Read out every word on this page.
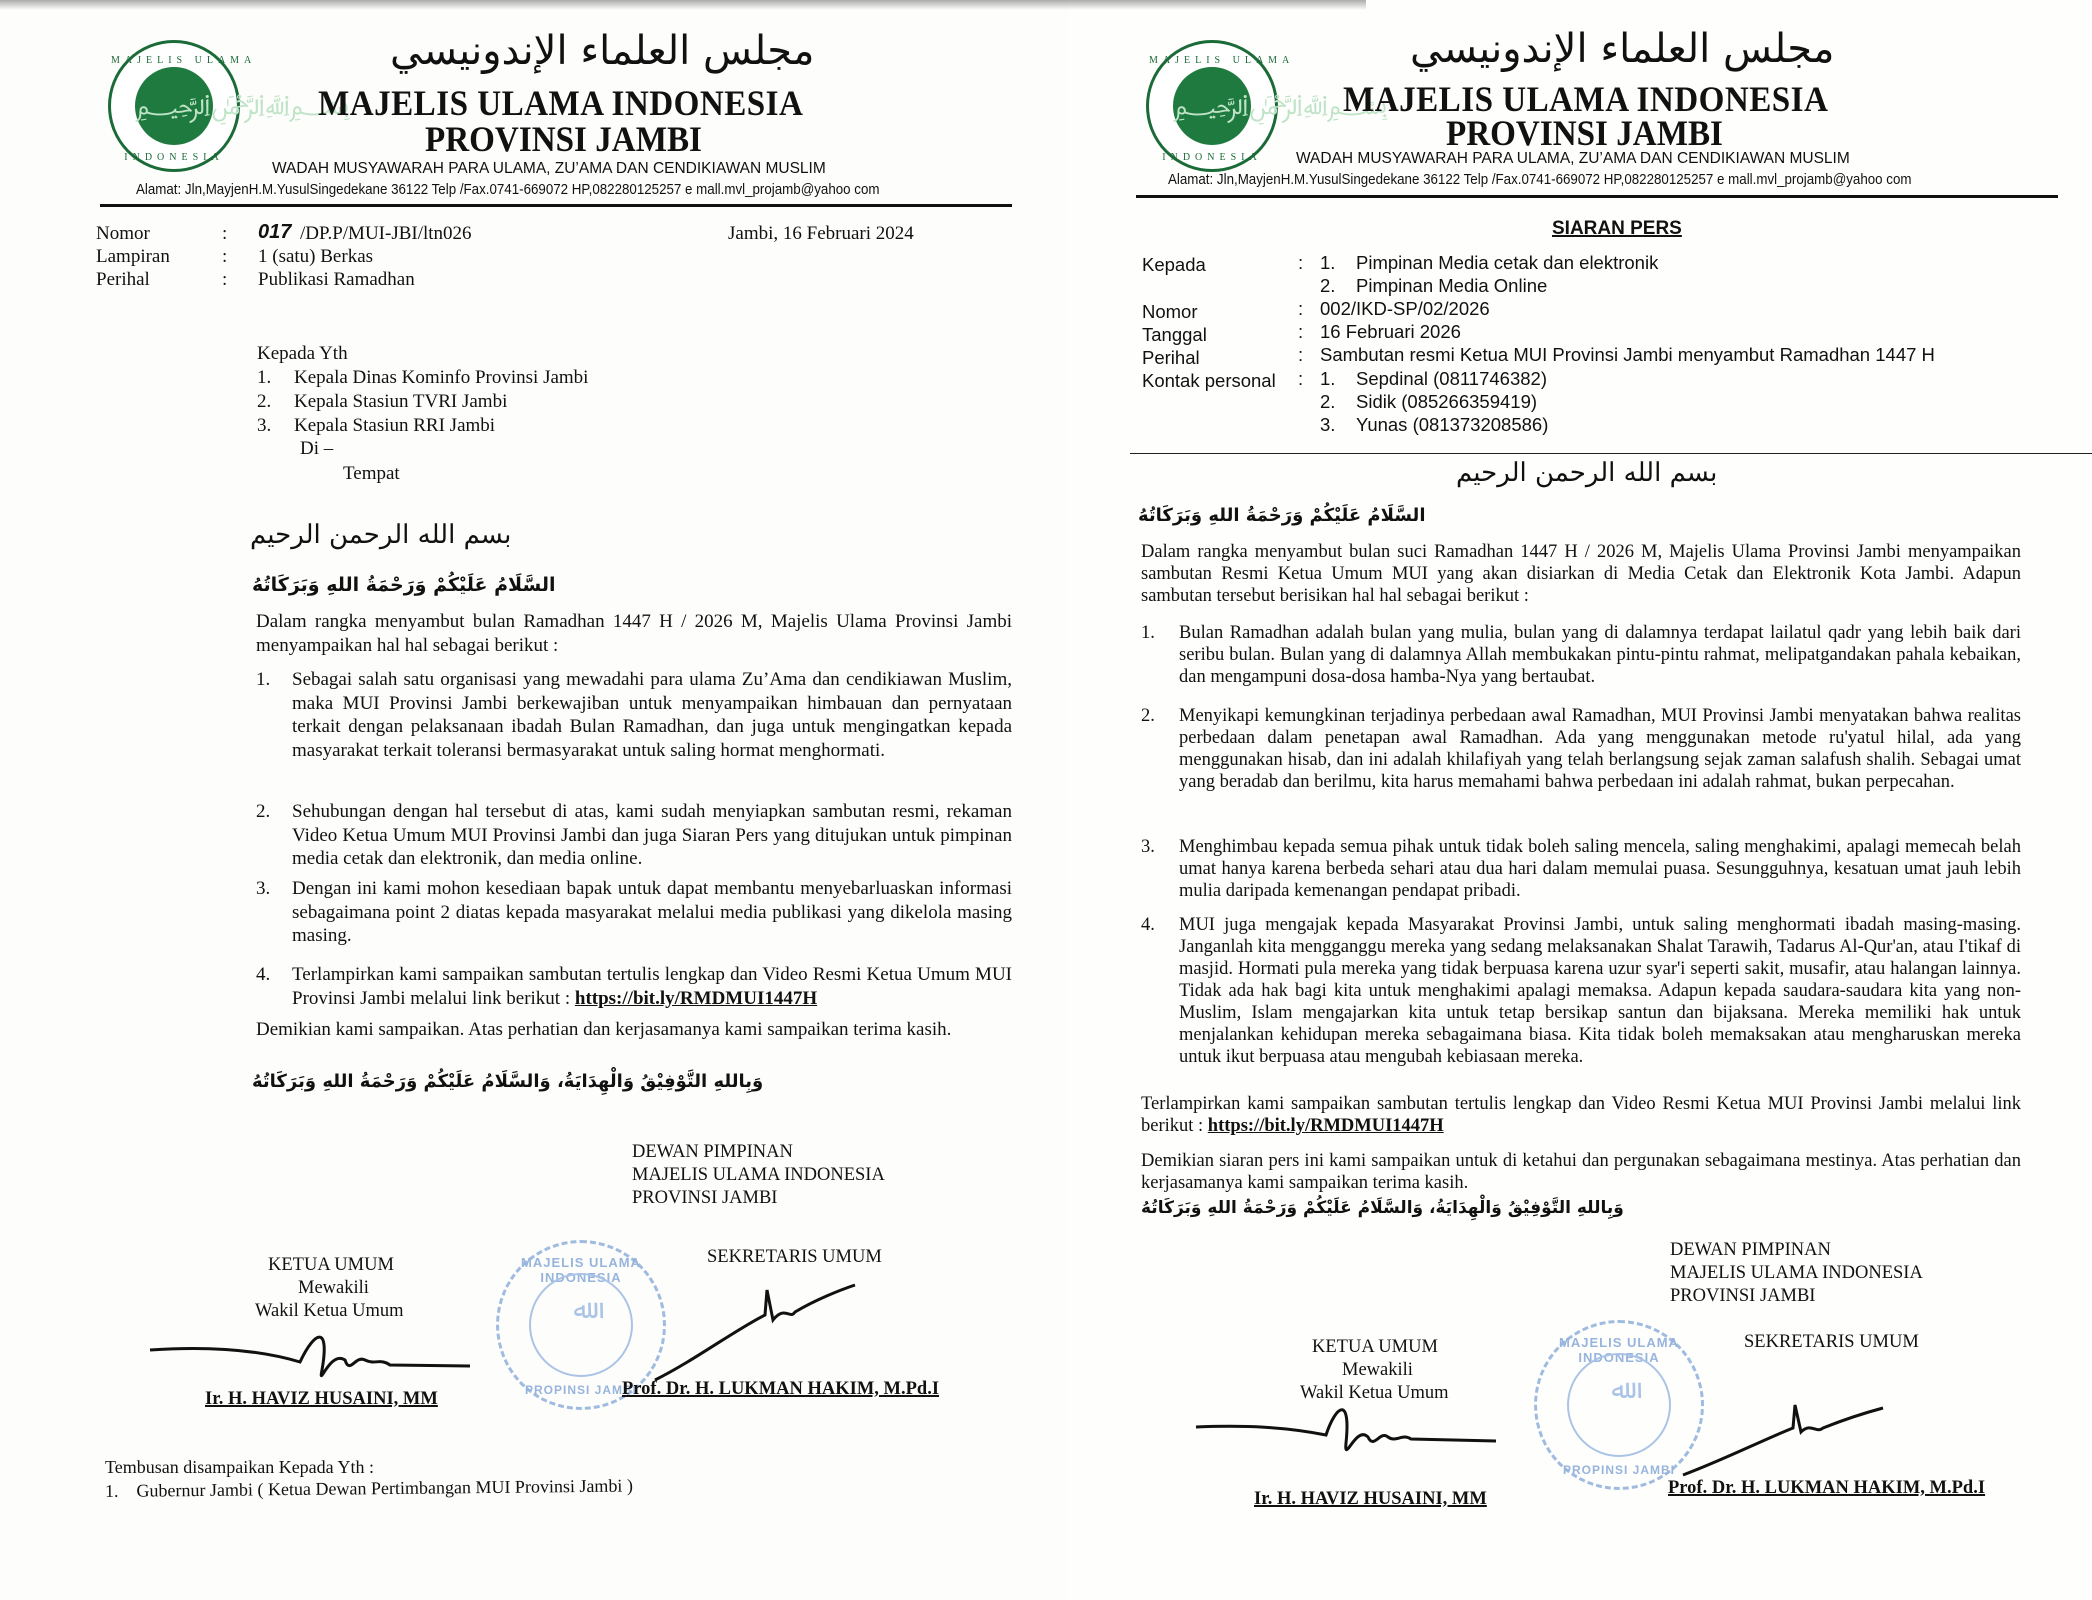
MAJELIS ULAMA
﷽
INDONESIA
مجلس العلماء الإندونيسي
MAJELIS ULAMA INDONESIA
PROVINSI JAMBI
WADAH MUSYAWARAH PARA ULAMA, ZU’AMA DAN CENDIKIAWAN MUSLIM
Alamat: Jln,MayjenH.M.YusulSingedekane 36122 Telp /Fax.0741-669072 HP,082280125257 e mall.mvl_projamb@yahoo com
Nomor	: 017 /DP.P/MUI-JBI/ltn026	Jambi, 16 Februari 2024
Lampiran	: 1 (satu) Berkas
Perihal	: Publikasi Ramadhan
Kepada Yth
1. Kepala Dinas Kominfo Provinsi Jambi
2. Kepala Stasiun TVRI Jambi
3. Kepala Stasiun RRI Jambi
Di –
Tempat
بسم الله الرحمن الرحيم
السَّلَامُ عَلَيْكُمْ وَرَحْمَةُ اللهِ وَبَرَكَاتُهُ
Dalam rangka menyambut bulan Ramadhan 1447 H / 2026 M, Majelis Ulama Provinsi Jambi menyampaikan hal hal sebagai berikut :
1.	Sebagai salah satu organisasi yang mewadahi para ulama Zu’Ama dan cendikiawan Muslim, maka MUI Provinsi Jambi berkewajiban untuk menyampaikan himbauan dan pernyataan terkait dengan pelaksanaan ibadah Bulan Ramadhan, dan juga untuk mengingatkan kepada masyarakat terkait toleransi bermasyarakat untuk saling hormat menghormati.
2.	Sehubungan dengan hal tersebut di atas, kami sudah menyiapkan sambutan resmi, rekaman Video Ketua Umum MUI Provinsi Jambi dan juga Siaran Pers yang ditujukan untuk pimpinan media cetak dan elektronik, dan media online.
3.	Dengan ini kami mohon kesediaan bapak untuk dapat membantu menyebarluaskan informasi sebagaimana point 2 diatas kepada masyarakat melalui media publikasi yang dikelola masing masing.
4.	Terlampirkan kami sampaikan sambutan tertulis lengkap dan Video Resmi Ketua Umum MUI Provinsi Jambi melalui link berikut : https://bit.ly/RMDMUI1447H
Demikian kami sampaikan. Atas perhatian dan kerjasamanya kami sampaikan terima kasih.
وَبِاللهِ التَّوْفِيْقُ وَالْهِدَايَةُ، وَالسَّلَامُ عَلَيْكُمْ وَرَحْمَةُ اللهِ وَبَرَكَاتُهُ
DEWAN PIMPINAN
MAJELIS ULAMA INDONESIA
PROVINSI JAMBI
KETUA UMUM
Mewakili
Wakil Ketua Umum
SEKRETARIS UMUM
MAJELIS ULAMA INDONESIA
ﷲ
PROPINSI JAMBI
Ir. H. HAVIZ HUSAINI, MM	Prof. Dr. H. LUKMAN HAKIM, M.Pd.I
Tembusan disampaikan Kepada Yth :
1. Gubernur Jambi ( Ketua Dewan Pertimbangan MUI Provinsi Jambi )
MAJELIS ULAMA
﷽
INDONESIA
مجلس العلماء الإندونيسي
MAJELIS ULAMA INDONESIA
PROVINSI JAMBI
WADAH MUSYAWARAH PARA ULAMA, ZU’AMA DAN CENDIKIAWAN MUSLIM
Alamat: Jln,MayjenH.M.YusulSingedekane 36122 Telp /Fax.0741-669072 HP,082280125257 e mall.mvl_projamb@yahoo com
SIARAN PERS
Kepada	: 1. Pimpinan Media cetak dan elektronik
2. Pimpinan Media Online
Nomor	: 002/IKD-SP/02/2026
Tanggal	: 16 Februari 2026
Perihal	: Sambutan resmi Ketua MUI Provinsi Jambi menyambut Ramadhan 1447 H
Kontak personal : 1. Sepdinal (0811746382)
2. Sidik (085266359419)
3. Yunas (081373208586)
بسم الله الرحمن الرحيم
السَّلَامُ عَلَيْكُمْ وَرَحْمَةُ اللهِ وَبَرَكَاتُهُ
Dalam rangka menyambut bulan suci Ramadhan 1447 H / 2026 M, Majelis Ulama Provinsi Jambi menyampaikan sambutan Resmi Ketua Umum MUI yang akan disiarkan di Media Cetak dan Elektronik Kota Jambi. Adapun sambutan tersebut berisikan hal hal sebagai berikut :
1.	Bulan Ramadhan adalah bulan yang mulia, bulan yang di dalamnya terdapat lailatul qadr yang lebih baik dari seribu bulan. Bulan yang di dalamnya Allah membukakan pintu-pintu rahmat, melipatgandakan pahala kebaikan, dan mengampuni dosa-dosa hamba-Nya yang bertaubat.
2.	Menyikapi kemungkinan terjadinya perbedaan awal Ramadhan, MUI Provinsi Jambi menyatakan bahwa realitas perbedaan dalam penetapan awal Ramadhan. Ada yang menggunakan metode ru'yatul hilal, ada yang menggunakan hisab, dan ini adalah khilafiyah yang telah berlangsung sejak zaman salafush shalih. Sebagai umat yang beradab dan berilmu, kita harus memahami bahwa perbedaan ini adalah rahmat, bukan perpecahan.
3.	Menghimbau kepada semua pihak untuk tidak boleh saling mencela, saling menghakimi, apalagi memecah belah umat hanya karena berbeda sehari atau dua hari dalam memulai puasa. Sesungguhnya, kesatuan umat jauh lebih mulia daripada kemenangan pendapat pribadi.
4.	MUI juga mengajak kepada Masyarakat Provinsi Jambi, untuk saling menghormati ibadah masing-masing. Janganlah kita mengganggu mereka yang sedang melaksanakan Shalat Tarawih, Tadarus Al-Qur'an, atau I'tikaf di masjid. Hormati pula mereka yang tidak berpuasa karena uzur syar'i seperti sakit, musafir, atau halangan lainnya. Tidak ada hak bagi kita untuk menghakimi apalagi memaksa. Adapun kepada saudara-saudara kita yang non-Muslim, Islam mengajarkan kita untuk tetap bersikap santun dan bijaksana. Mereka memiliki hak untuk menjalankan kehidupan mereka sebagaimana biasa. Kita tidak boleh memaksakan atau mengharuskan mereka untuk ikut berpuasa atau mengubah kebiasaan mereka.
Terlampirkan kami sampaikan sambutan tertulis lengkap dan Video Resmi Ketua MUI Provinsi Jambi melalui link berikut : https://bit.ly/RMDMUI1447H
Demikian siaran pers ini kami sampaikan untuk di ketahui dan pergunakan sebagaimana mestinya. Atas perhatian dan kerjasamanya kami sampaikan terima kasih.
وَبِاللهِ التَّوْفِيْقُ وَالْهِدَايَةُ، وَالسَّلَامُ عَلَيْكُمْ وَرَحْمَةُ اللهِ وَبَرَكَاتُهُ
DEWAN PIMPINAN
MAJELIS ULAMA INDONESIA
PROVINSI JAMBI
KETUA UMUM
Mewakili
Wakil Ketua Umum
SEKRETARIS UMUM
MAJELIS ULAMA INDONESIA
ﷲ
PROPINSI JAMBI
Ir. H. HAVIZ HUSAINI, MM
Prof. Dr. H. LUKMAN HAKIM, M.Pd.I
